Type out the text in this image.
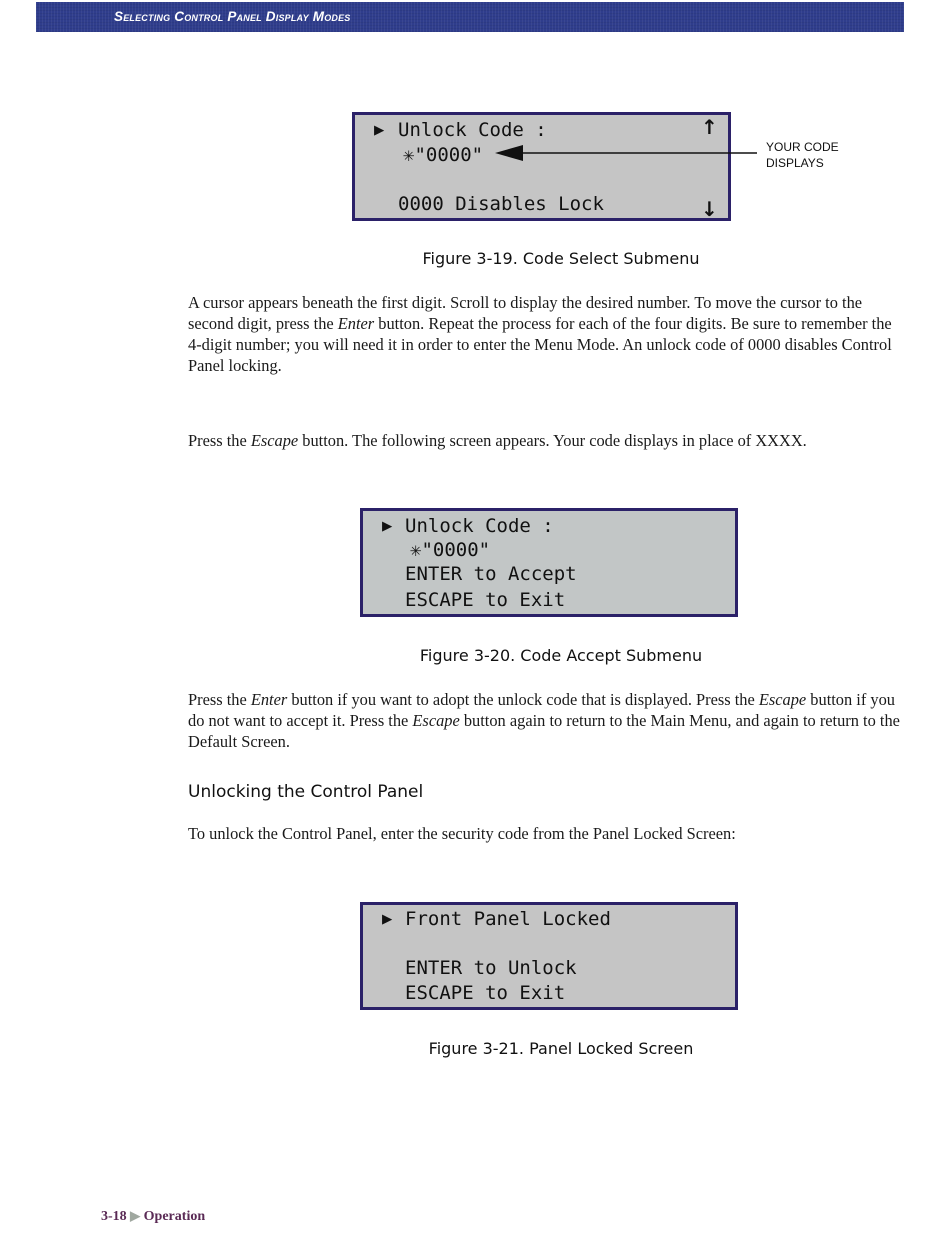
Selecting Control Panel Display Modes
▶ Unlock Code :
✳"0000"
0000 Disables Lock
↑
↓
YOUR CODE
DISPLAYS
Figure 3-19. Code Select Submenu

A cursor appears beneath the first digit. Scroll to display the desired number. To move the cursor to the second digit, press the Enter button. Repeat the process for each of the four digits. Be sure to remember the 4-digit number; you will need it in order to enter the Menu Mode. An unlock code of 0000 disables Control Panel locking.

Press the Escape button. The following screen appears. Your code displays in place of XXXX.

▶ Unlock Code :
✳"0000"
ENTER to Accept
ESCAPE to Exit
Figure 3-20. Code Accept Submenu

Press the Enter button if you want to adopt the unlock code that is displayed. Press the Escape button if you do not want to accept it. Press the Escape button again to return to the Main Menu, and again to return to the Default Screen.

Unlocking the Control Panel

To unlock the Control Panel, enter the security code from the Panel Locked Screen:

▶ Front Panel Locked
ENTER to Unlock
ESCAPE to Exit
Figure 3-21. Panel Locked Screen
3-18 ▶ Operation
